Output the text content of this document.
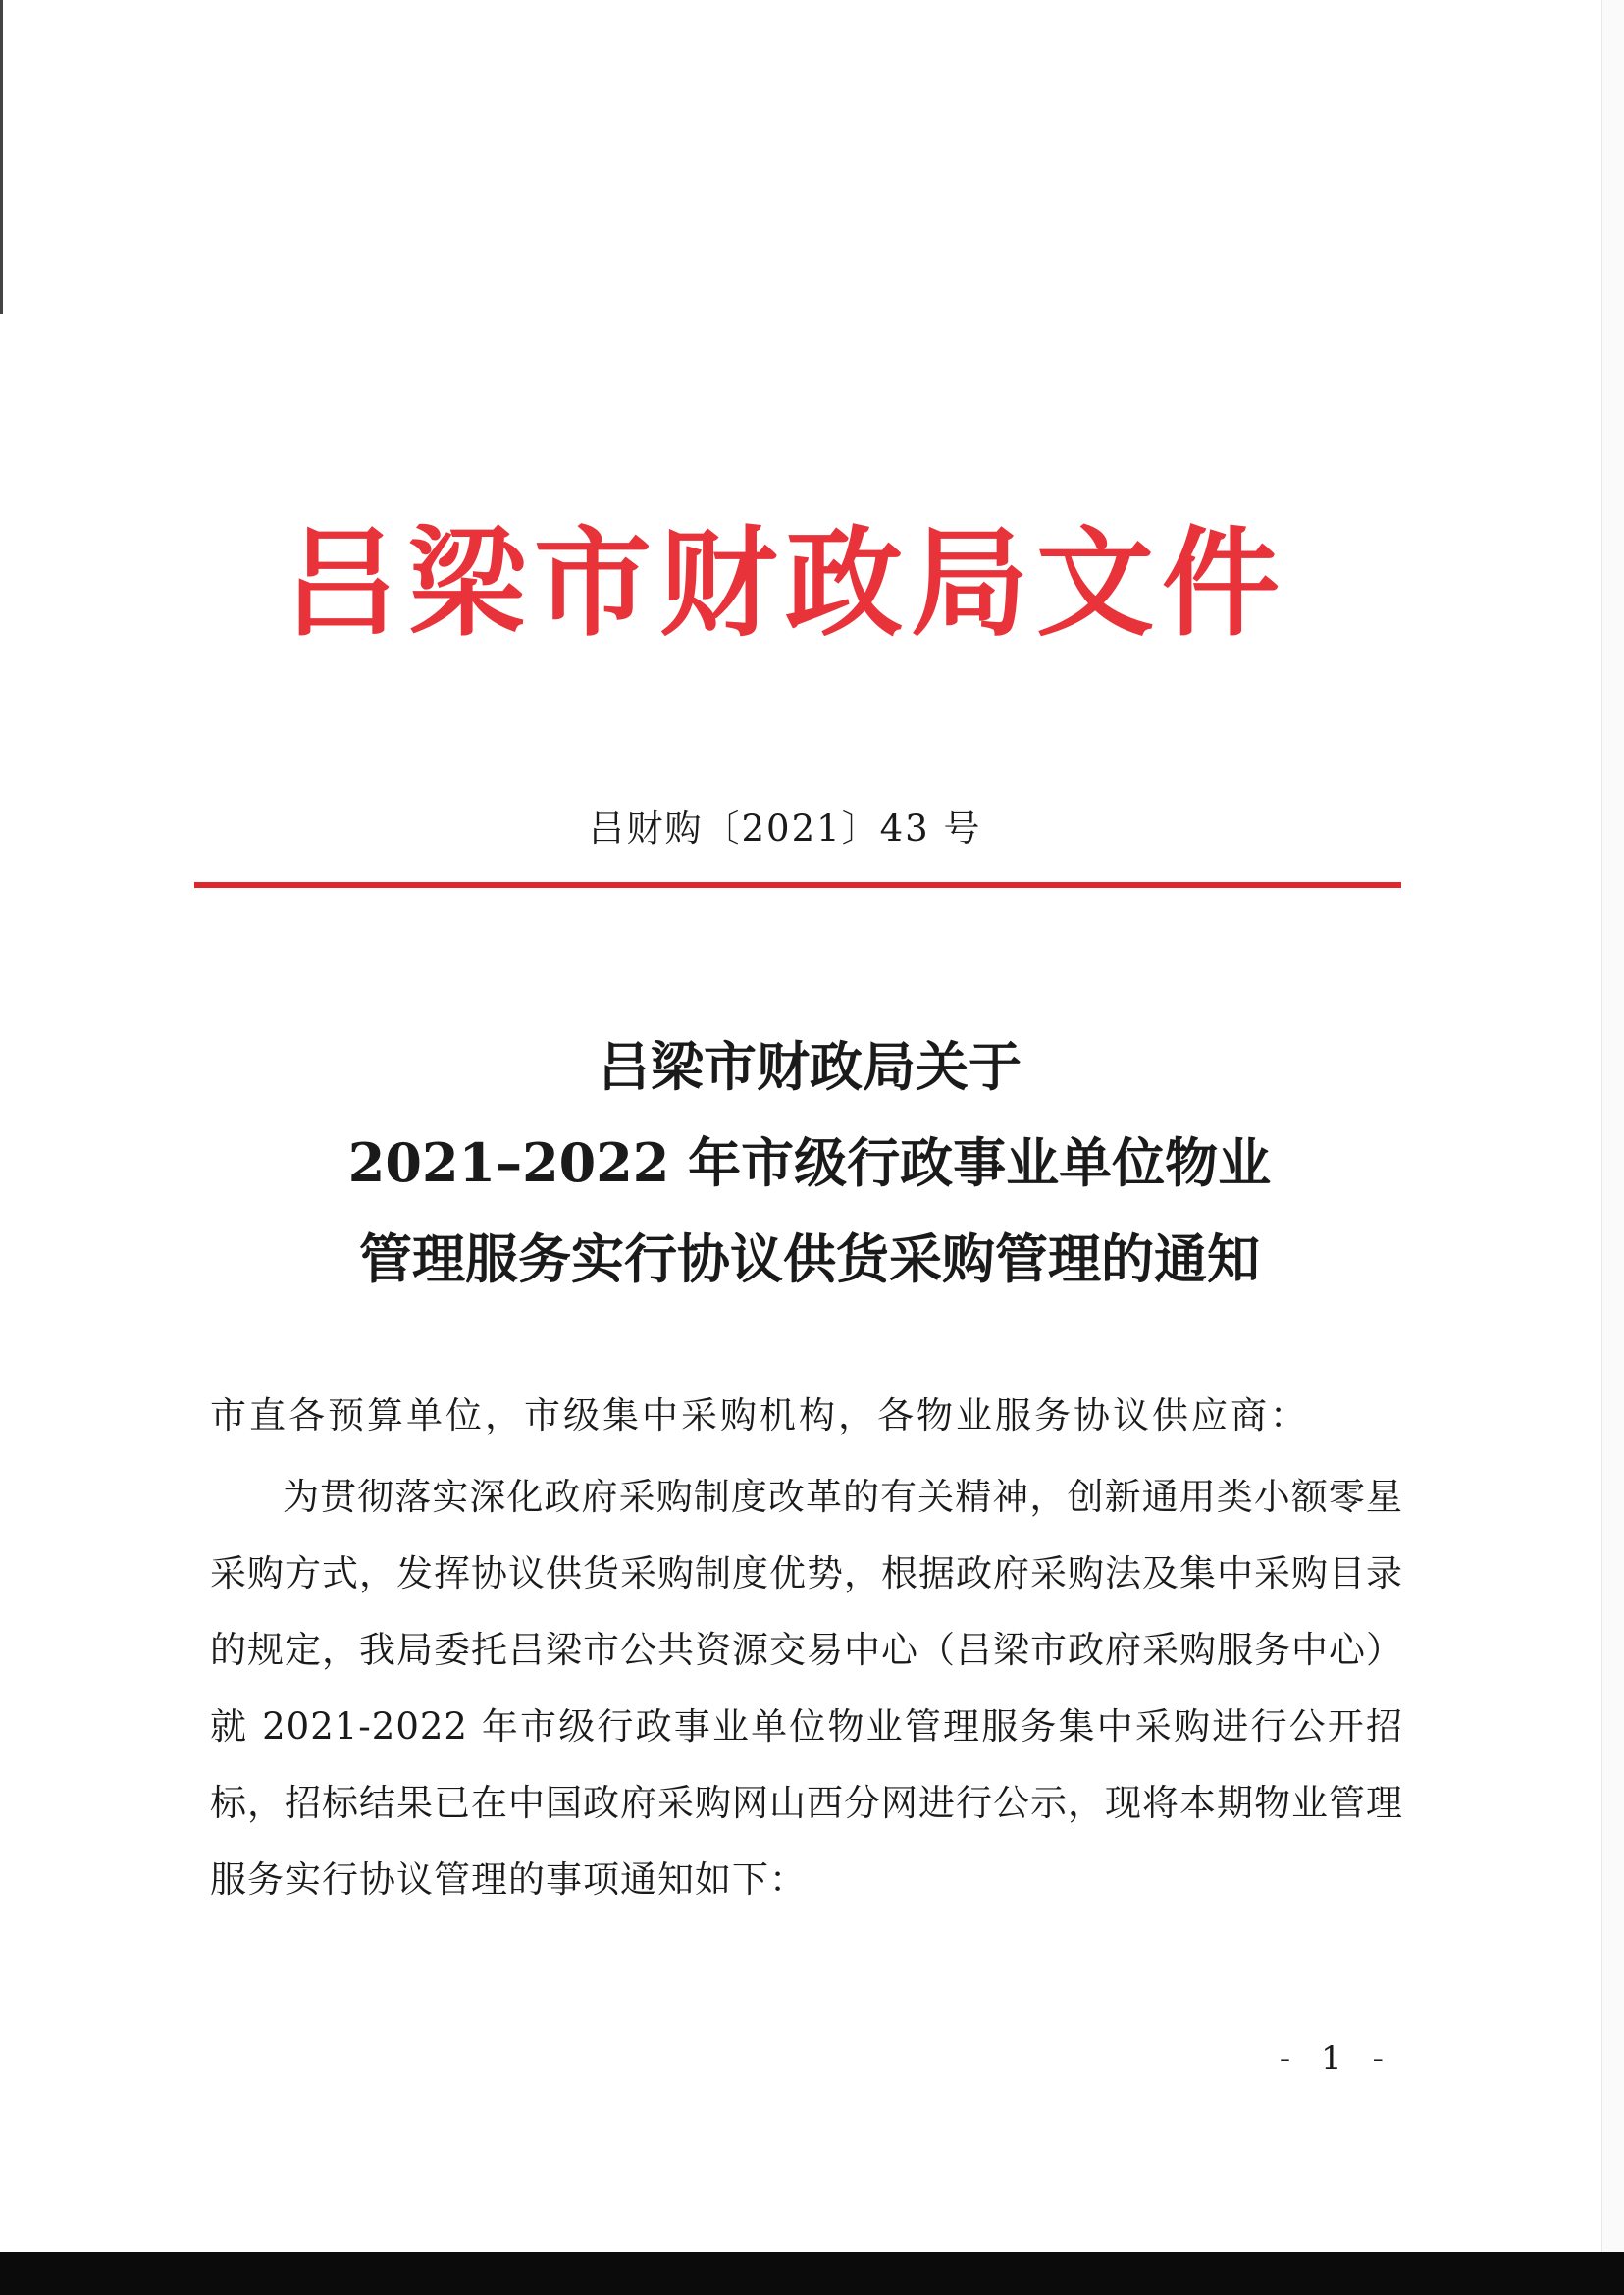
吕梁市财政局文件
吕财购〔2021〕43 号
吕梁市财政局关于
2021–2022 年市级行政事业单位物业
管理服务实行协议供货采购管理的通知
市直各预算单位，市级集中采购机构，各物业服务协议供应商：

为贯彻落实深化政府采购制度改革的有关精神，创新通用类小额零星采购方式，发挥协议供货采购制度优势，根据政府采购法及集中采购目录的规定，我局委托吕梁市公共资源交易中心（吕梁市政府采购服务中心）就 2021-2022 年市级行政事业单位物业管理服务集中采购进行公开招标，招标结果已在中国政府采购网山西分网进行公示，现将本期物业管理服务实行协议管理的事项通知如下：

- 1 -
